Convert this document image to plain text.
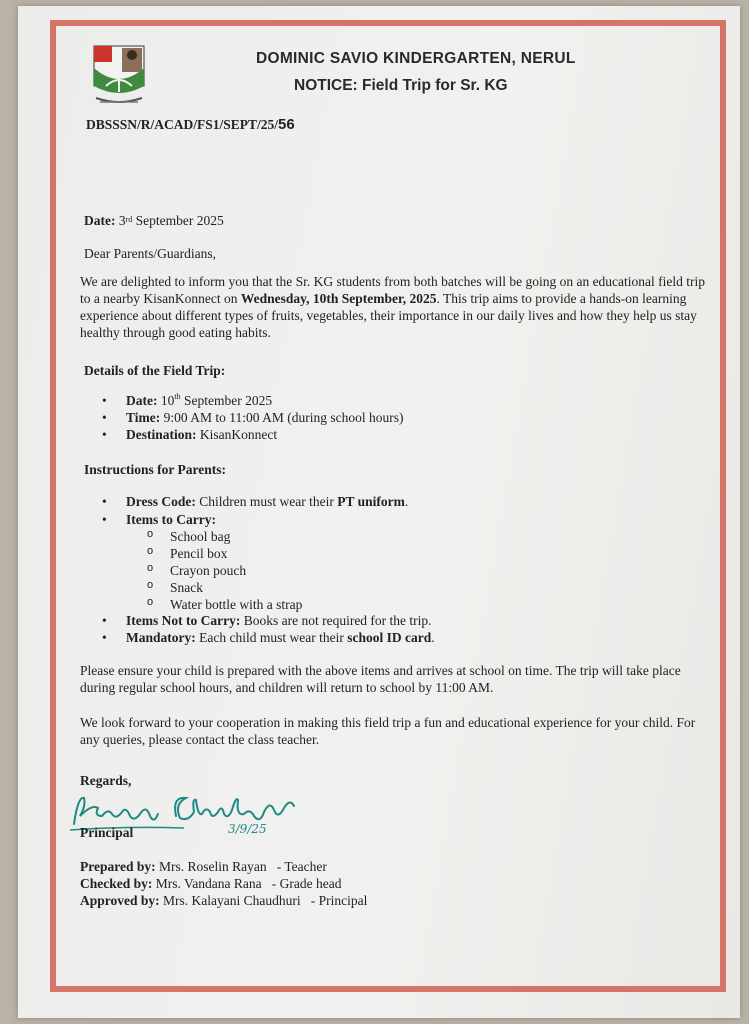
DOMINIC SAVIO KINDERGARTEN, NERUL
NOTICE: Field Trip for Sr. KG
DBSSSN/R/ACAD/FS1/SEPT/25/56
Date: 3rd September 2025
Dear Parents/Guardians,
We are delighted to inform you that the Sr. KG students from both batches will be going on an educational field trip to a nearby KisanKonnect on Wednesday, 10th September, 2025. This trip aims to provide a hands-on learning experience about different types of fruits, vegetables, their importance in our daily lives and how they help us stay healthy through good eating habits.
Details of the Field Trip:
• Date: 10th September 2025
• Time: 9:00 AM to 11:00 AM (during school hours)
• Destination: KisanKonnect
Instructions for Parents:
• Dress Code: Children must wear their PT uniform.
• Items to Carry:
o School bag
o Pencil box
o Crayon pouch
o Snack
o Water bottle with a strap
• Items Not to Carry: Books are not required for the trip.
• Mandatory: Each child must wear their school ID card.
Please ensure your child is prepared with the above items and arrives at school on time. The trip will take place during regular school hours, and children will return to school by 11:00 AM.
We look forward to your cooperation in making this field trip a fun and educational experience for your child. For any queries, please contact the class teacher.
Regards,
3/9/25
Principal
Prepared by: Mrs. Roselin Rayan   - Teacher
Checked by: Mrs. Vandana Rana   - Grade head
Approved by: Mrs. Kalayani Chaudhuri   - Principal
